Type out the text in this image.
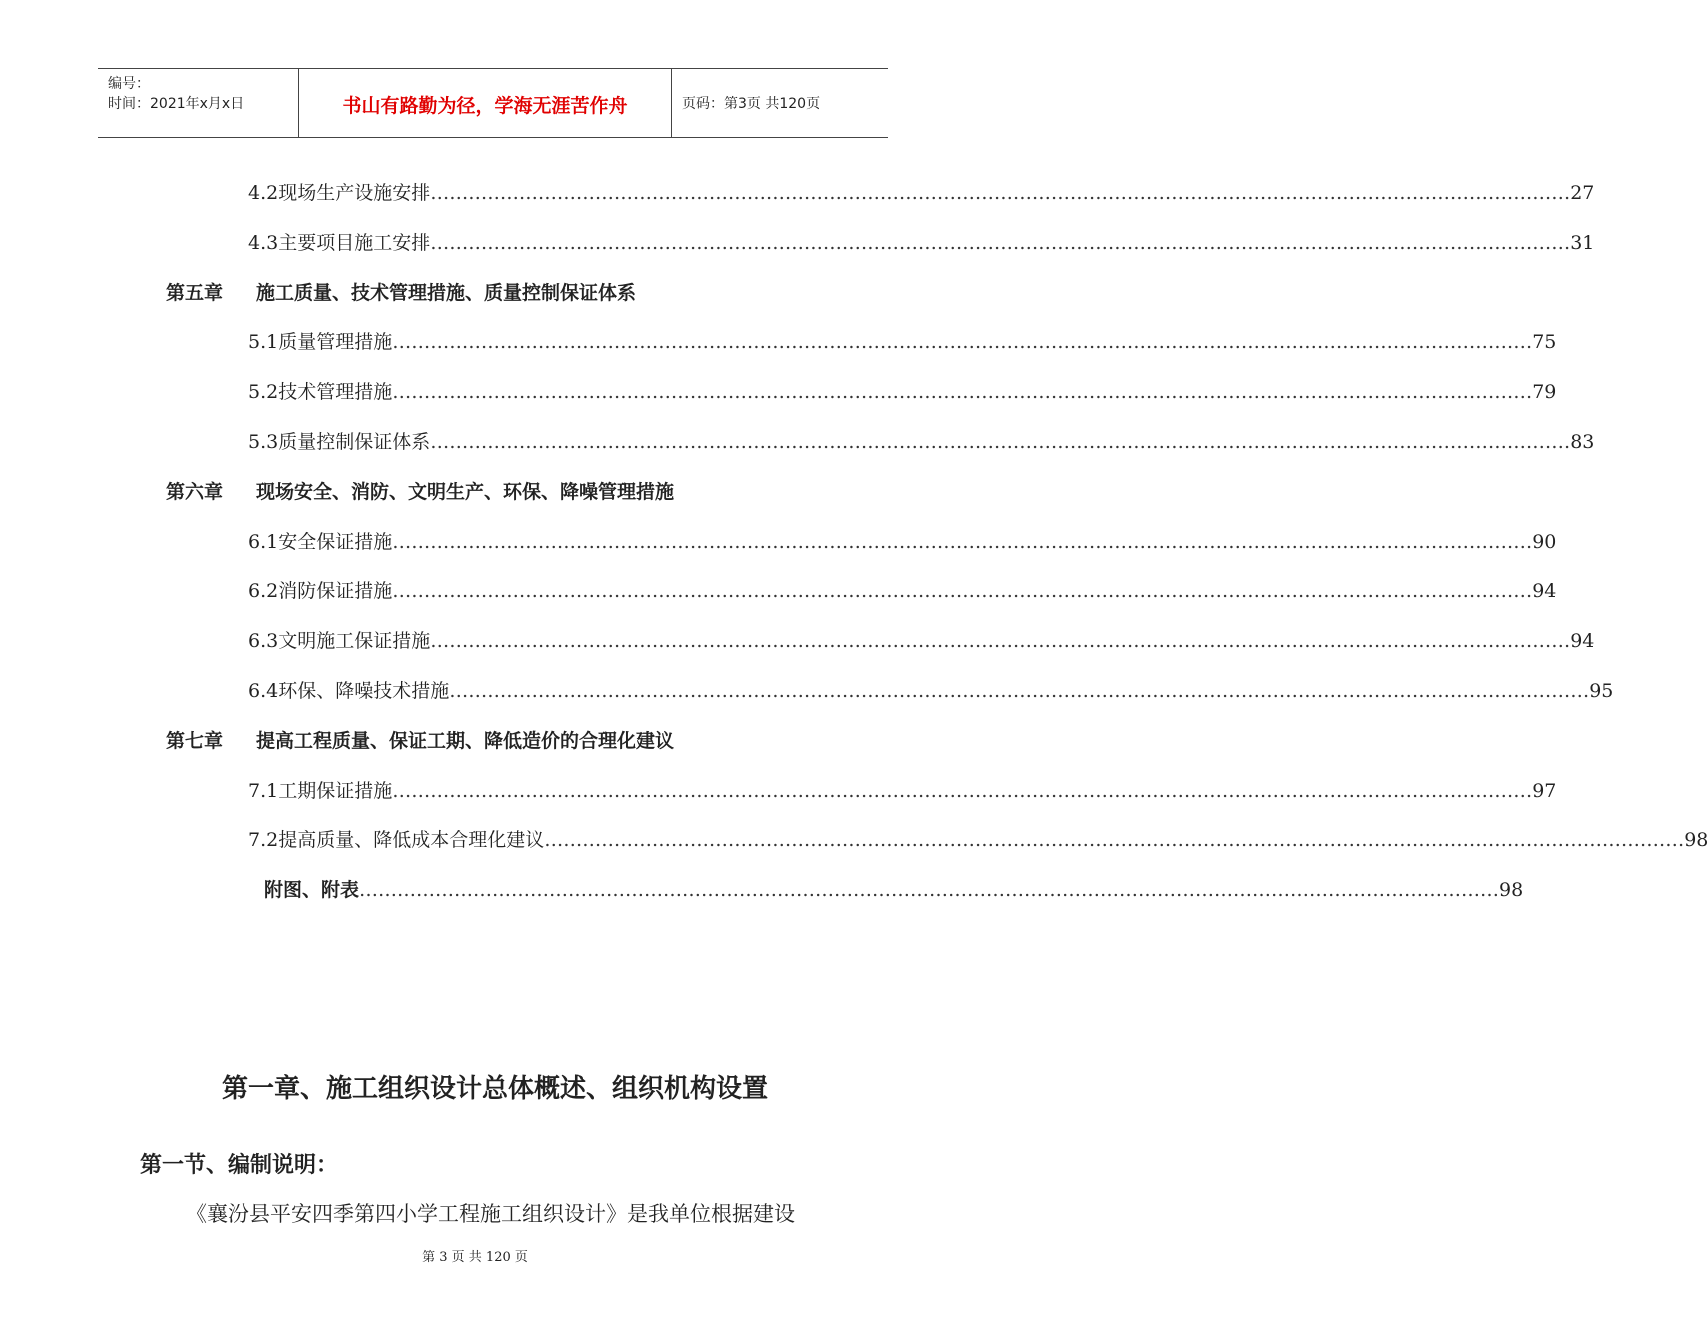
编号：
时间：2021年x月x日	书山有路勤为径，学海无涯苦作舟	页码：第3页 共120页
4.2现场生产设施安排 ……………………………………………………………………………………………………………………………………………………………… 27
4.3主要项目施工安排 ……………………………………………………………………………………………………………………………………………………………… 31
第五章 施工质量、技术管理措施、质量控制保证体系
5.1质量管理措施 ……………………………………………………………………………………………………………………………………………………………… 75
5.2技术管理措施 ……………………………………………………………………………………………………………………………………………………………… 79
5.3质量控制保证体系 ……………………………………………………………………………………………………………………………………………………………… 83
第六章 现场安全、消防、文明生产、环保、降噪管理措施
6.1安全保证措施 ……………………………………………………………………………………………………………………………………………………………… 90
6.2消防保证措施 ……………………………………………………………………………………………………………………………………………………………… 94
6.3文明施工保证措施 ……………………………………………………………………………………………………………………………………………………………… 94
6.4环保、降噪技术措施 ……………………………………………………………………………………………………………………………………………………………… 95
第七章 提高工程质量、保证工期、降低造价的合理化建议
7.1工期保证措施 ……………………………………………………………………………………………………………………………………………………………… 97
7.2提高质量、降低成本合理化建议 ……………………………………………………………………………………………………………………………………………………………… 98
附图、附表 ……………………………………………………………………………………………………………………………………………………………… 98
第一章、施工组织设计总体概述、组织机构设置
第一节、编制说明：
《襄汾县平安四季第四小学工程施工组织设计》是我单位根据建设
第 3 页 共 120 页
